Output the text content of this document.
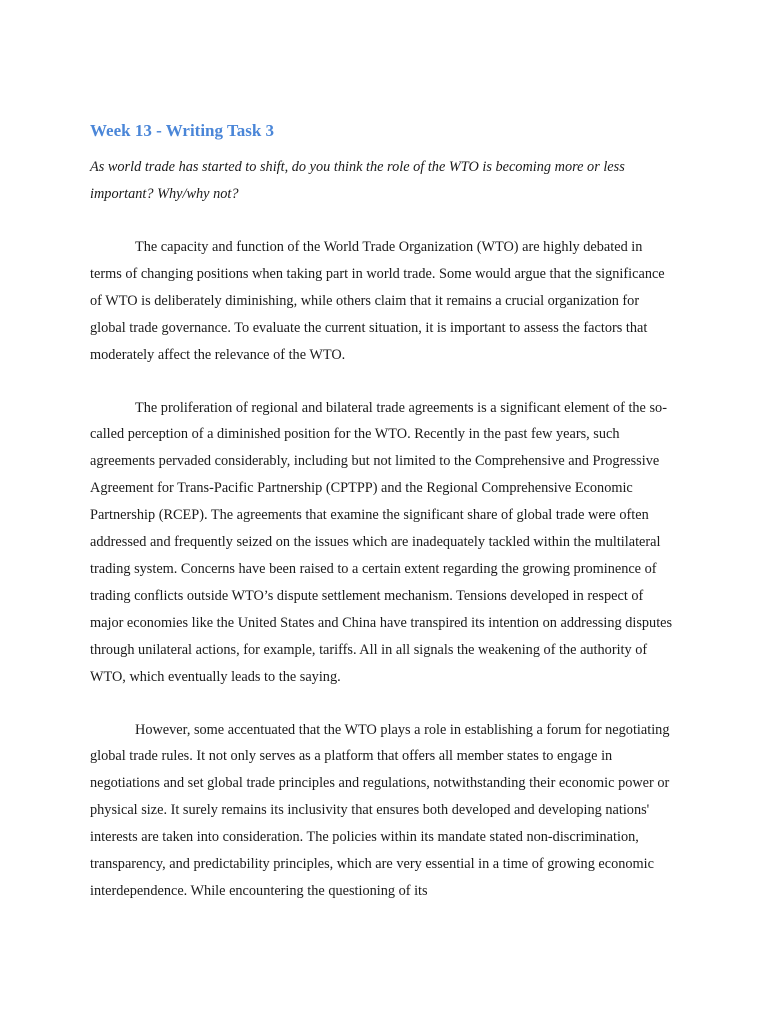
Week 13 - Writing Task 3

As world trade has started to shift, do you think the role of the WTO is becoming more or less important? Why/why not?

The capacity and function of the World Trade Organization (WTO) are highly debated in terms of changing positions when taking part in world trade. Some would argue that the significance of WTO is deliberately diminishing, while others claim that it remains a crucial organization for global trade governance. To evaluate the current situation, it is important to assess the factors that moderately affect the relevance of the WTO.

The proliferation of regional and bilateral trade agreements is a significant element of the so-called perception of a diminished position for the WTO. Recently in the past few years, such agreements pervaded considerably, including but not limited to the Comprehensive and Progressive Agreement for Trans-Pacific Partnership (CPTPP) and the Regional Comprehensive Economic Partnership (RCEP). The agreements that examine the significant share of global trade were often addressed and frequently seized on the issues which are inadequately tackled within the multilateral trading system. Concerns have been raised to a certain extent regarding the growing prominence of trading conflicts outside WTO’s dispute settlement mechanism. Tensions developed in respect of major economies like the United States and China have transpired its intention on addressing disputes through unilateral actions, for example, tariffs. All in all signals the weakening of the authority of WTO, which eventually leads to the saying.

However, some accentuated that the WTO plays a role in establishing a forum for negotiating global trade rules. It not only serves as a platform that offers all member states to engage in negotiations and set global trade principles and regulations, notwithstanding their economic power or physical size. It surely remains its inclusivity that ensures both developed and developing nations' interests are taken into consideration. The policies within its mandate stated non-discrimination, transparency, and predictability principles, which are very essential in a time of growing economic interdependence. While encountering the questioning of its
